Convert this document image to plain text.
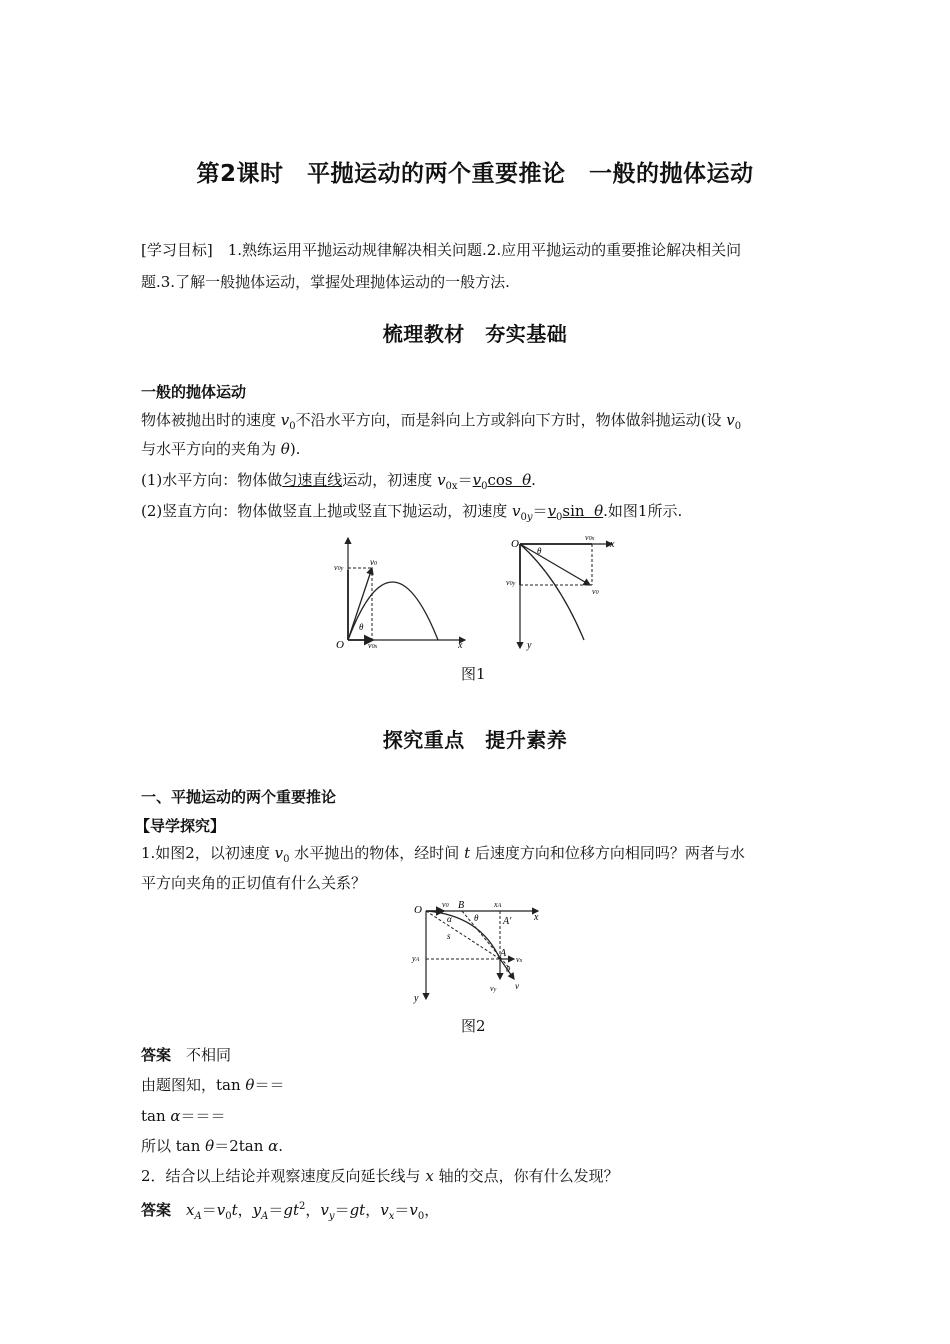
第2课时　平抛运动的两个重要推论　一般的抛体运动
[学习目标]　1.熟练运用平抛运动规律解决相关问题.2.应用平抛运动的重要推论解决相关问
题.3.了解一般抛体运动，掌握处理抛体运动的一般方法.
梳理教材　夯实基础
一般的抛体运动
物体被抛出时的速度 $v_0$不沿水平方向，而是斜向上方或斜向下方时，物体做斜抛运动(设 $v_0$
与水平方向的夹角为 θ).
(1)水平方向：物体做匀速直线运动，初速度 $v_{0x}=v_0\cos$  θ.
(2)竖直方向：物体做竖直上抛或竖直下抛运动，初速度 $v_{0y}=v_0\sin$  θ.如图1所示.
O
v0y
v0
θ
v0x	x
O
θ
v0x x
v0y
v0
y
图1
探究重点　提升素养
一、平抛运动的两个重要推论
【导学探究】
1.如图2，以初速度 $v_0$ 水平抛出的物体，经时间 t 后速度方向和位移方向相同吗？两者与水
平方向夹角的正切值有什么关系？
O	v0 B	xA
A′ x
α θ
s
yA
A
vx
θ
vy v
y
图2
答案　 不相同
由题图知，tan θ＝＝
tan α＝＝＝
所以 tan θ＝2tan α.
2．结合以上结论并观察速度反向延长线与 x 轴的交点，你有什么发现？
答案　 $x_A=v_0t$，$y_A=gt^2$，$v_y=gt$，$v_x=v_0$，
